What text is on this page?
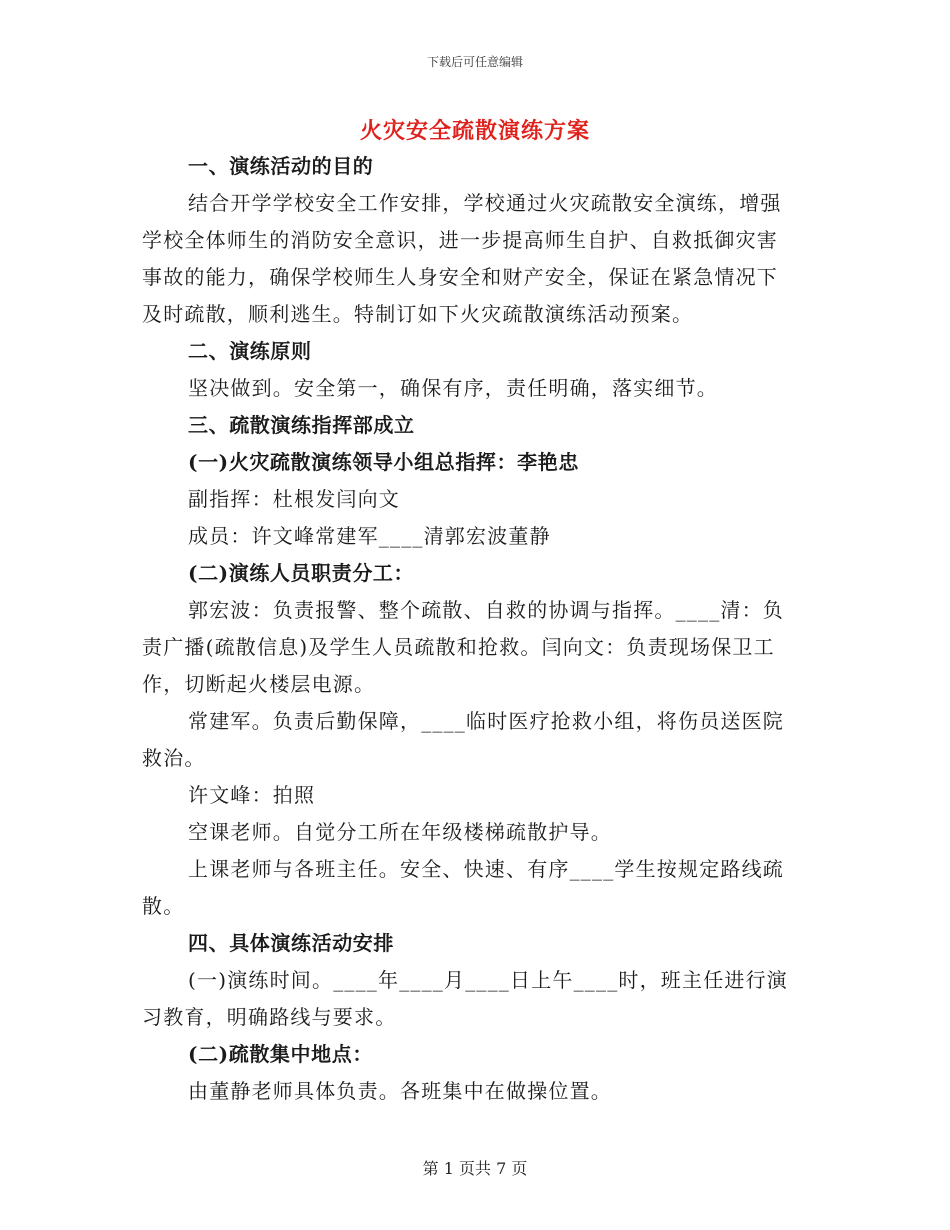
下载后可任意编辑
火灾安全疏散演练方案
一、演练活动的目的
结合开学学校安全工作安排，学校通过火灾疏散安全演练，增强
学校全体师生的消防安全意识，进一步提高师生自护、自救抵御灾害
事故的能力，确保学校师生人身安全和财产安全，保证在紧急情况下
及时疏散，顺利逃生。特制订如下火灾疏散演练活动预案。
二、演练原则
坚决做到。安全第一，确保有序，责任明确，落实细节。
三、疏散演练指挥部成立
(一)火灾疏散演练领导小组总指挥：李艳忠
副指挥：杜根发闫向文
成员：许文峰常建军____清郭宏波董静
(二)演练人员职责分工：
郭宏波：负责报警、整个疏散、自救的协调与指挥。____清：负
责广播(疏散信息)及学生人员疏散和抢救。闫向文：负责现场保卫工
作，切断起火楼层电源。
常建军。负责后勤保障，____临时医疗抢救小组，将伤员送医院
救治。
许文峰：拍照
空课老师。自觉分工所在年级楼梯疏散护导。
上课老师与各班主任。安全、快速、有序____学生按规定路线疏
散。
四、具体演练活动安排
(一)演练时间。____年____月____日上午____时，班主任进行演
习教育，明确路线与要求。
(二)疏散集中地点：
由董静老师具体负责。各班集中在做操位置。
第 1 页共 7 页
